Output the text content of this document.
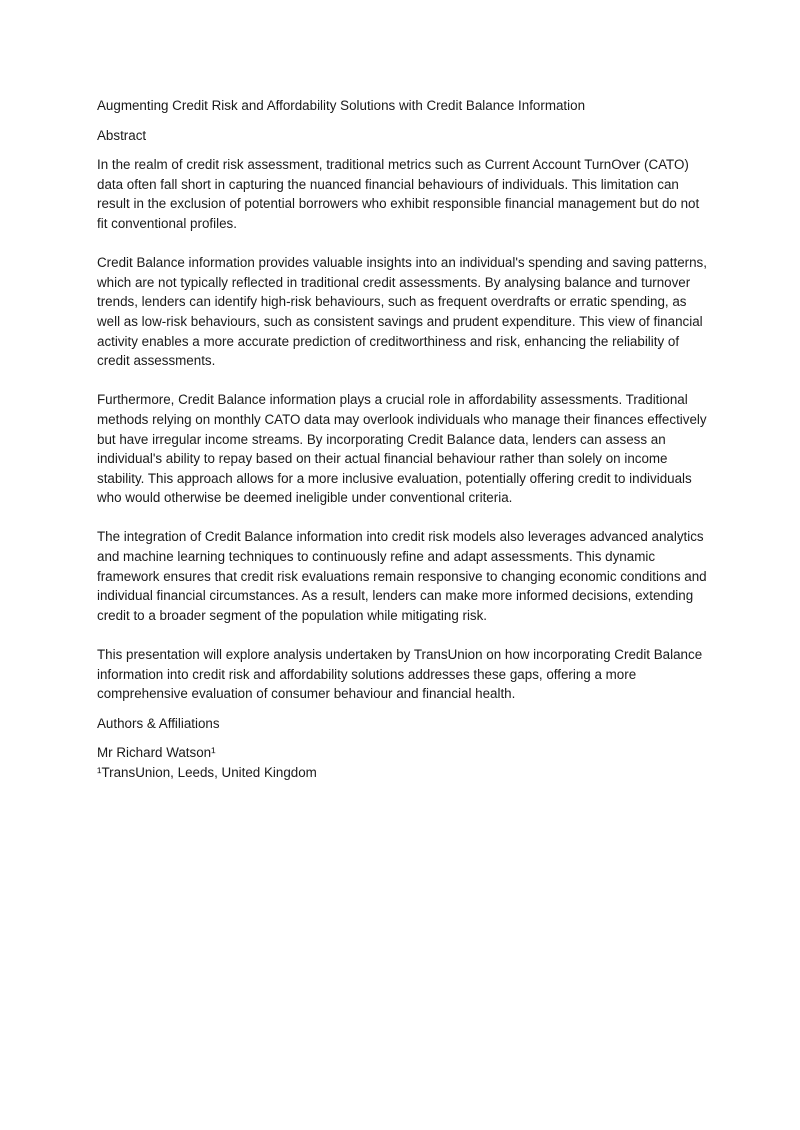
Augmenting Credit Risk and Affordability Solutions with Credit Balance Information

Abstract

In the realm of credit risk assessment, traditional metrics such as Current Account TurnOver (CATO) data often fall short in capturing the nuanced financial behaviours of individuals. This limitation can result in the exclusion of potential borrowers who exhibit responsible financial management but do not fit conventional profiles.

Credit Balance information provides valuable insights into an individual's spending and saving patterns, which are not typically reflected in traditional credit assessments. By analysing balance and turnover trends, lenders can identify high-risk behaviours, such as frequent overdrafts or erratic spending, as well as low-risk behaviours, such as consistent savings and prudent expenditure. This view of financial activity enables a more accurate prediction of creditworthiness and risk, enhancing the reliability of credit assessments.

Furthermore, Credit Balance information plays a crucial role in affordability assessments. Traditional methods relying on monthly CATO data may overlook individuals who manage their finances effectively but have irregular income streams. By incorporating Credit Balance data, lenders can assess an individual's ability to repay based on their actual financial behaviour rather than solely on income stability. This approach allows for a more inclusive evaluation, potentially offering credit to individuals who would otherwise be deemed ineligible under conventional criteria.

The integration of Credit Balance information into credit risk models also leverages advanced analytics and machine learning techniques to continuously refine and adapt assessments. This dynamic framework ensures that credit risk evaluations remain responsive to changing economic conditions and individual financial circumstances. As a result, lenders can make more informed decisions, extending credit to a broader segment of the population while mitigating risk.

This presentation will explore analysis undertaken by TransUnion on how incorporating Credit Balance information into credit risk and affordability solutions addresses these gaps, offering a more comprehensive evaluation of consumer behaviour and financial health.

Authors & Affiliations

Mr Richard Watson¹
¹TransUnion, Leeds, United Kingdom
